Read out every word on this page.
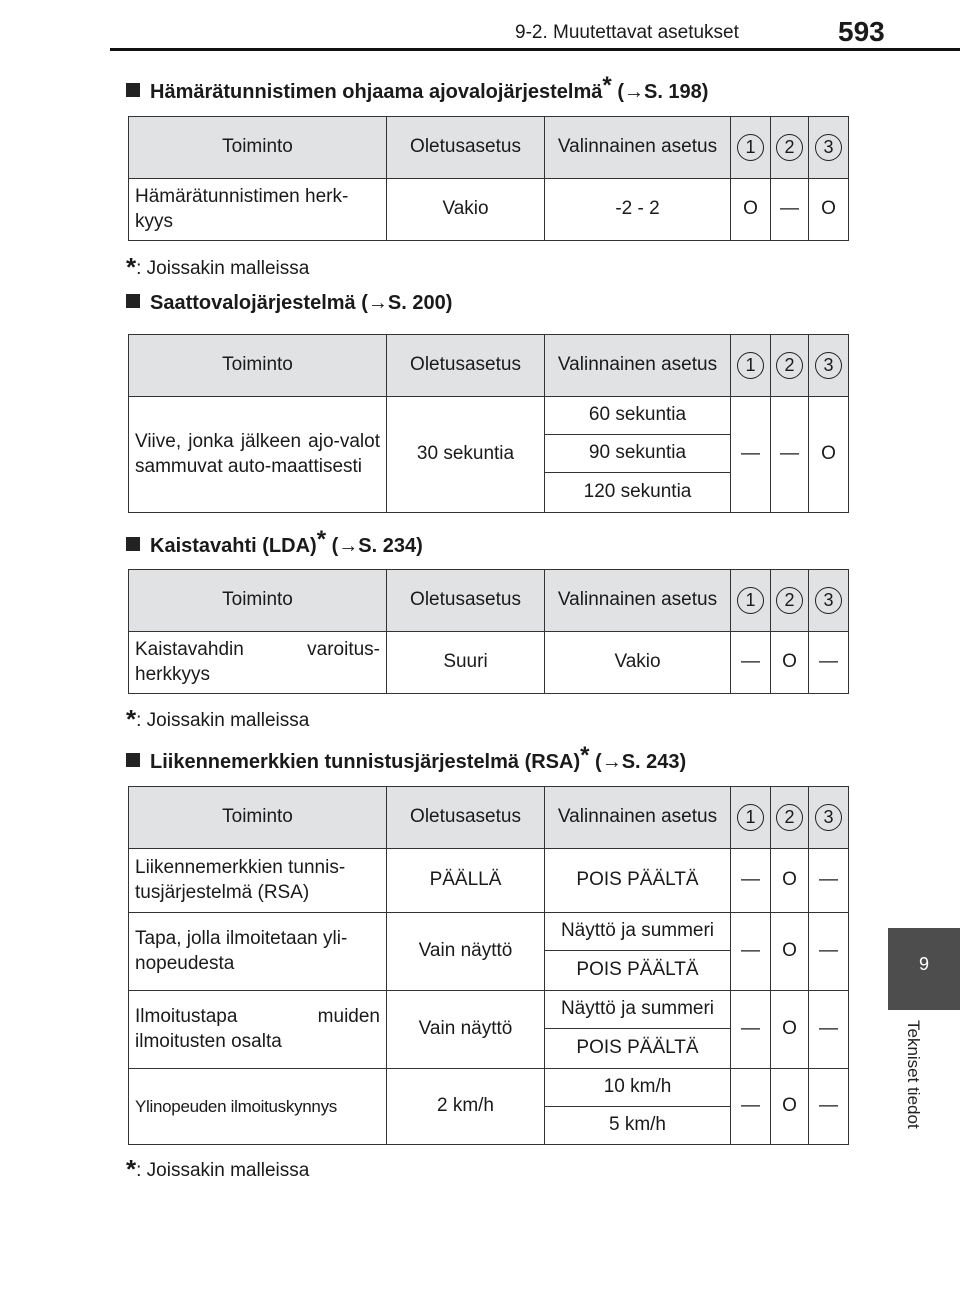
9-2. Muutettavat asetukset	593
9
Tekniset tiedot
Hämärätunnistimen ohjaama ajovalojärjestelmä* (→S. 198)
Toiminto	Oletusasetus	Valinnainen asetus	1	2	3
Hämärätunnistimen herk-kyys	Vakio	-2 - 2	O	—	O
*: Joissakin malleissa
Saattovalojärjestelmä (→S. 200)
Toiminto	Oletusasetus	Valinnainen asetus	1	2	3
Viive, jonka jälkeen ajo-valot sammuvat auto-maattisesti	30 sekuntia	60 sekuntia	—	—	O
		90 sekuntia			
		120 sekuntia			
Kaistavahti (LDA)* (→S. 234)
Toiminto	Oletusasetus	Valinnainen asetus	1	2	3
Kaistavahdin varoitus-herkkyys	Suuri	Vakio	—	O	—
*: Joissakin malleissa
Liikennemerkkien tunnistusjärjestelmä (RSA)* (→S. 243)
Toiminto	Oletusasetus	Valinnainen asetus	1	2	3
Liikennemerkkien tunnis-tusjärjestelmä (RSA)	PÄÄLLÄ	POIS PÄÄLTÄ	—	O	—
Tapa, jolla ilmoitetaan yli-nopeudesta	Vain näyttö	Näyttö ja summeri	—	O	—
		POIS PÄÄLTÄ			
Ilmoitustapa muiden ilmoitusten osalta	Vain näyttö	Näyttö ja summeri	—	O	—
		POIS PÄÄLTÄ			
Ylinopeuden ilmoituskynnys	2 km/h	10 km/h	—	O	—
		5 km/h			
*: Joissakin malleissa
